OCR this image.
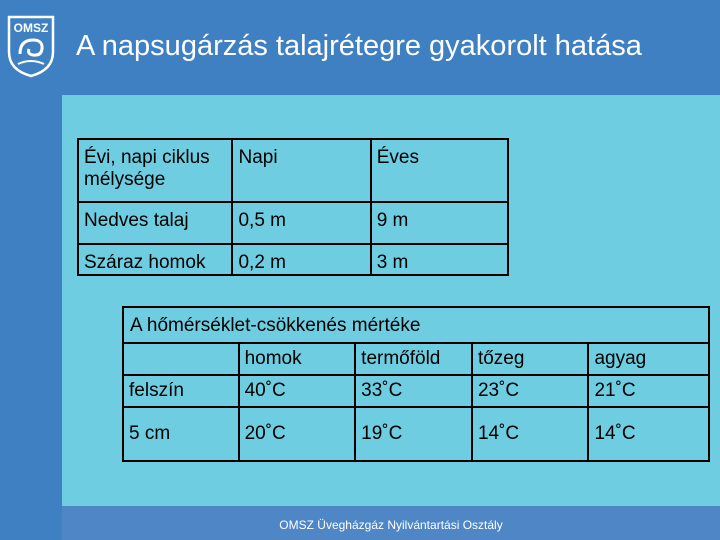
OMSZ
A napsugárzás talajrétegre gyakorolt hatása
Évi, napi ciklus mélysége	Napi	Éves
Nedves talaj	0,5 m	9 m
Száraz homok	0,2 m	3 m
A hőmérséklet-csökkenés mértéke				
	homok	termőföld	tőzeg	agyag
felszín	40˚C	33˚C	23˚C	21˚C
5 cm	20˚C	19˚C	14˚C	14˚C
OMSZ Üvegházgáz Nyilvántartási Osztály
